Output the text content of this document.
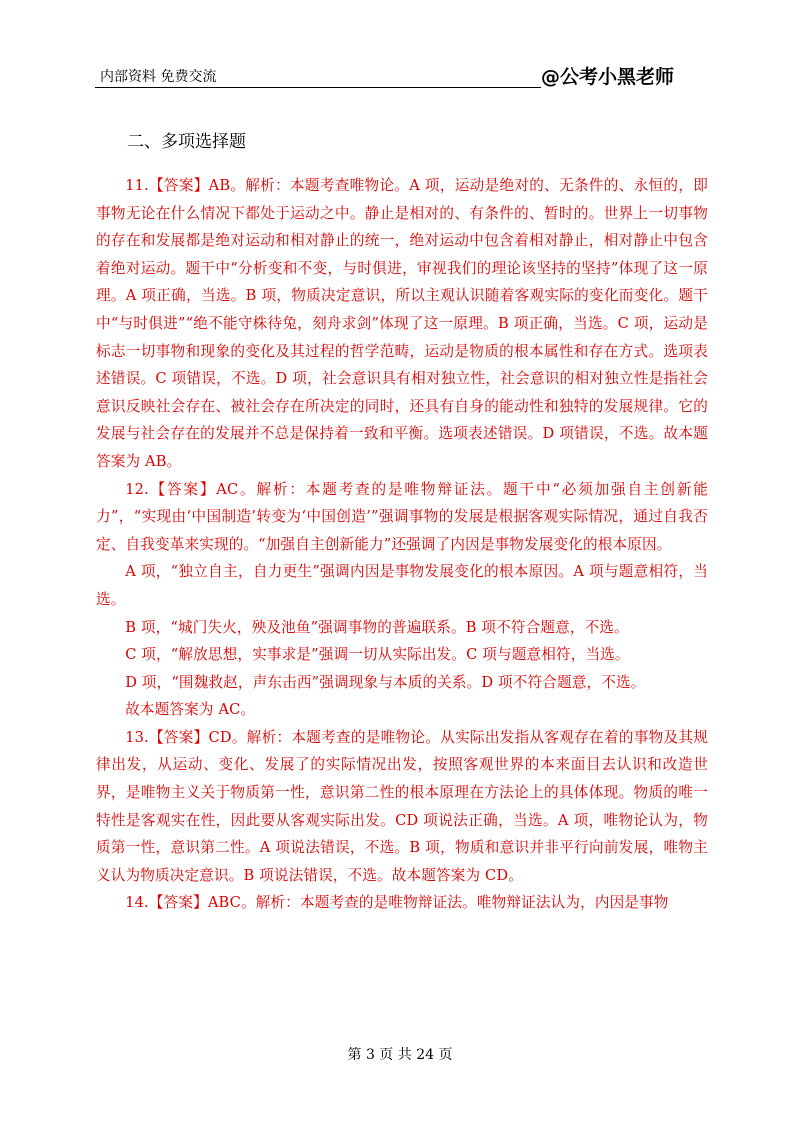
内部资料 免费交流	@公考小黑老师
二、多项选择题

11.【答案】AB。解析：本题考查唯物论。A 项，运动是绝对的、无条件的、永恒的，即事物无论在什么情况下都处于运动之中。静止是相对的、有条件的、暂时的。世界上一切事物的存在和发展都是绝对运动和相对静止的统一，绝对运动中包含着相对静止，相对静止中包含着绝对运动。题干中“分析变和不变，与时俱进，审视我们的理论该坚持的坚持”体现了这一原理。A 项正确，当选。B 项，物质决定意识，所以主观认识随着客观实际的变化而变化。题干中“与时俱进”“绝不能守株待兔，刻舟求剑”体现了这一原理。B 项正确，当选。C 项，运动是标志一切事物和现象的变化及其过程的哲学范畴，运动是物质的根本属性和存在方式。选项表述错误。C 项错误，不选。D 项，社会意识具有相对独立性，社会意识的相对独立性是指社会意识反映社会存在、被社会存在所决定的同时，还具有自身的能动性和独特的发展规律。它的发展与社会存在的发展并不总是保持着一致和平衡。选项表述错误。D 项错误，不选。故本题答案为 AB。

12.【答案】AC。解析：本题考查的是唯物辩证法。题干中“必须加强自主创新能力”，“实现由‘中国制造’转变为‘中国创造’”强调事物的发展是根据客观实际情况，通过自我否定、自我变革来实现的。“加强自主创新能力”还强调了内因是事物发展变化的根本原因。

A 项，“独立自主，自力更生”强调内因是事物发展变化的根本原因。A 项与题意相符，当选。

B 项，“城门失火，殃及池鱼”强调事物的普遍联系。B 项不符合题意，不选。

C 项，“解放思想，实事求是”强调一切从实际出发。C 项与题意相符，当选。

D 项，“围魏救赵，声东击西”强调现象与本质的关系。D 项不符合题意，不选。

故本题答案为 AC。

13.【答案】CD。解析：本题考查的是唯物论。从实际出发指从客观存在着的事物及其规律出发，从运动、变化、发展了的实际情况出发，按照客观世界的本来面目去认识和改造世界，是唯物主义关于物质第一性，意识第二性的根本原理在方法论上的具体体现。物质的唯一特性是客观实在性，因此要从客观实际出发。CD 项说法正确，当选。A 项，唯物论认为，物质第一性，意识第二性。A 项说法错误，不选。B 项，物质和意识并非平行向前发展，唯物主义认为物质决定意识。B 项说法错误，不选。故本题答案为 CD。

14.【答案】ABC。解析：本题考查的是唯物辩证法。唯物辩证法认为，内因是事物

第 3 页 共 24 页
